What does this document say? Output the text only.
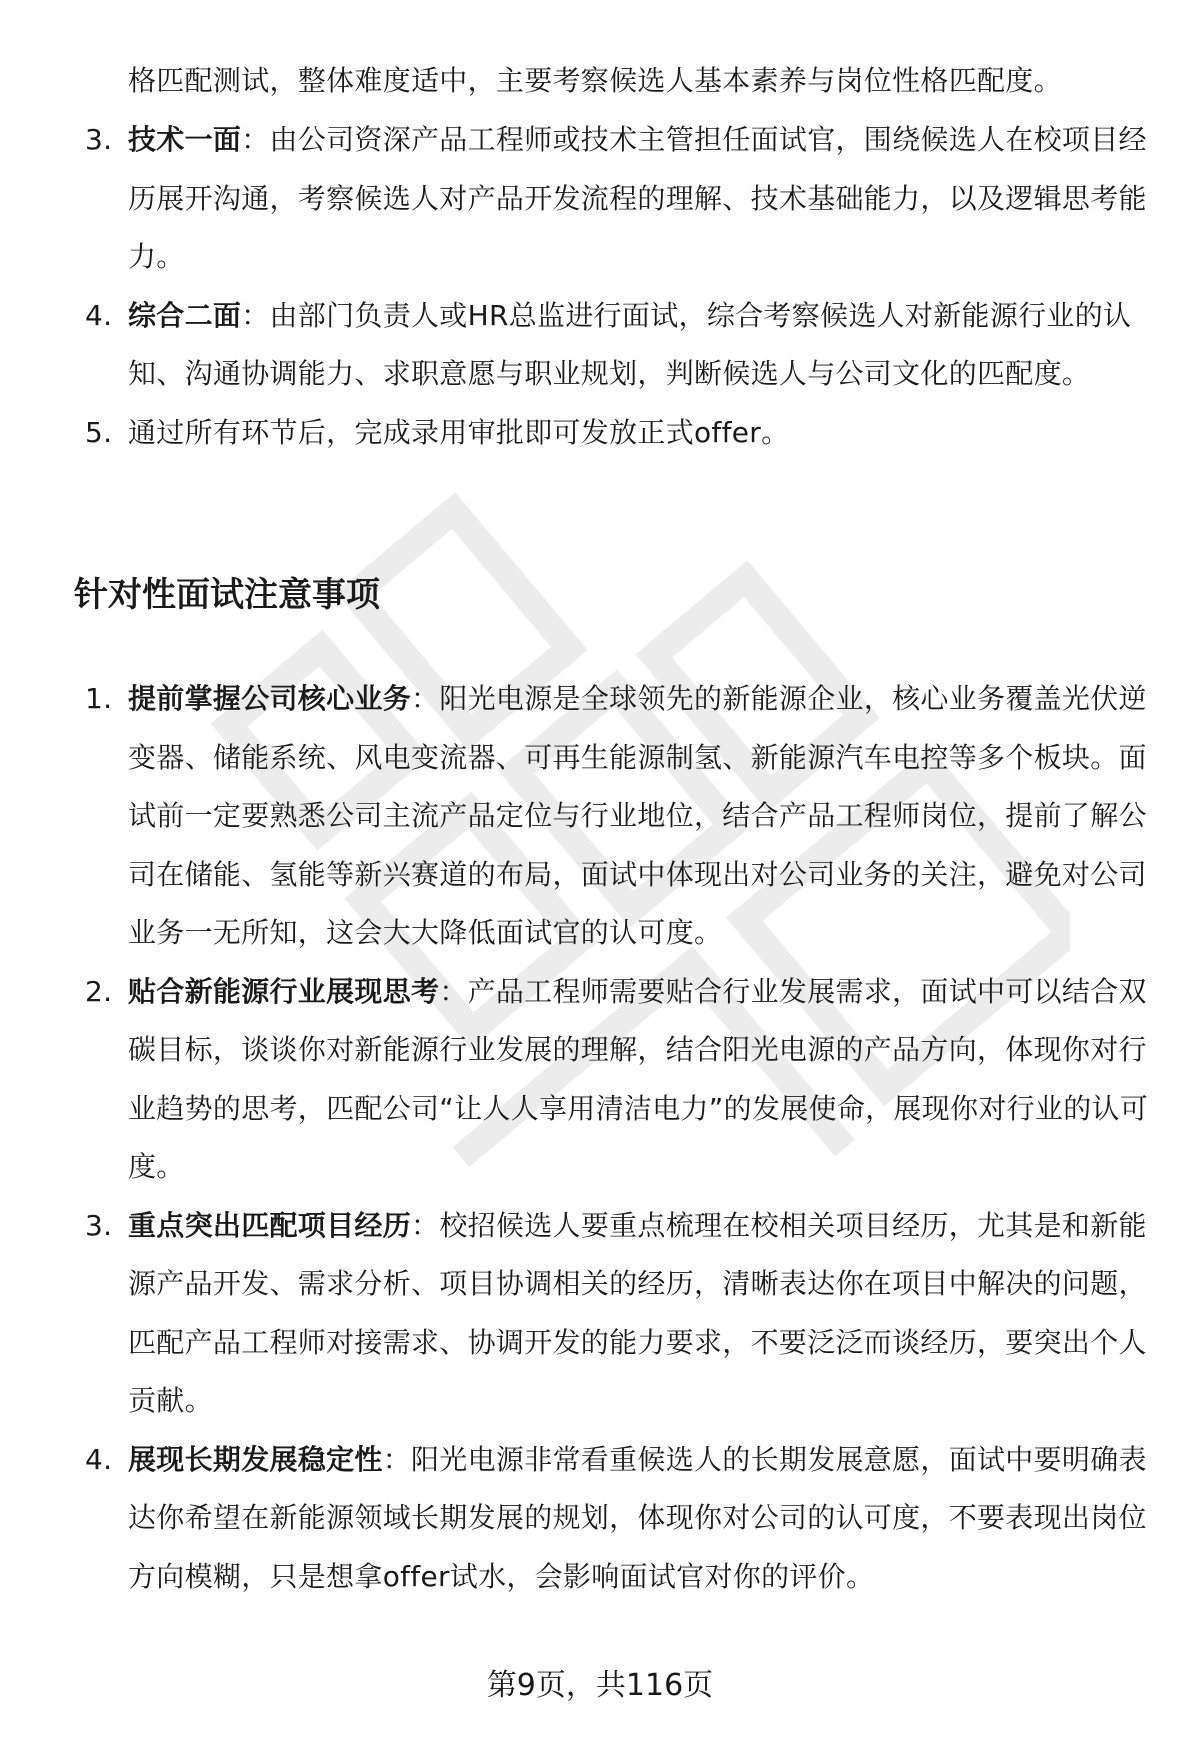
格匹配测试，整体难度适中，主要考察候选人基本素养与岗位性格匹配度。

3. 技术一面：由公司资深产品工程师或技术主管担任面试官，围绕候选人在校项目经历展开沟通，考察候选人对产品开发流程的理解、技术基础能力，以及逻辑思考能力。
4. 综合二面：由部门负责人或HR总监进行面试，综合考察候选人对新能源行业的认知、沟通协调能力、求职意愿与职业规划，判断候选人与公司文化的匹配度。
5. 通过所有环节后，完成录用审批即可发放正式offer。
针对性面试注意事项
1. 提前掌握公司核心业务：阳光电源是全球领先的新能源企业，核心业务覆盖光伏逆变器、储能系统、风电变流器、可再生能源制氢、新能源汽车电控等多个板块。面试前一定要熟悉公司主流产品定位与行业地位，结合产品工程师岗位，提前了解公司在储能、氢能等新兴赛道的布局，面试中体现出对公司业务的关注，避免对公司业务一无所知，这会大大降低面试官的认可度。
2. 贴合新能源行业展现思考：产品工程师需要贴合行业发展需求，面试中可以结合双碳目标，谈谈你对新能源行业发展的理解，结合阳光电源的产品方向，体现你对行业趋势的思考，匹配公司“让人人享用清洁电力”的发展使命，展现你对行业的认可度。
3. 重点突出匹配项目经历：校招候选人要重点梳理在校相关项目经历，尤其是和新能源产品开发、需求分析、项目协调相关的经历，清晰表达你在项目中解决的问题，匹配产品工程师对接需求、协调开发的能力要求，不要泛泛而谈经历，要突出个人贡献。
4. 展现长期发展稳定性：阳光电源非常看重候选人的长期发展意愿，面试中要明确表达你希望在新能源领域长期发展的规划，体现你对公司的认可度，不要表现出岗位方向模糊，只是想拿offer试水，会影响面试官对你的评价。
第9页，共116页
